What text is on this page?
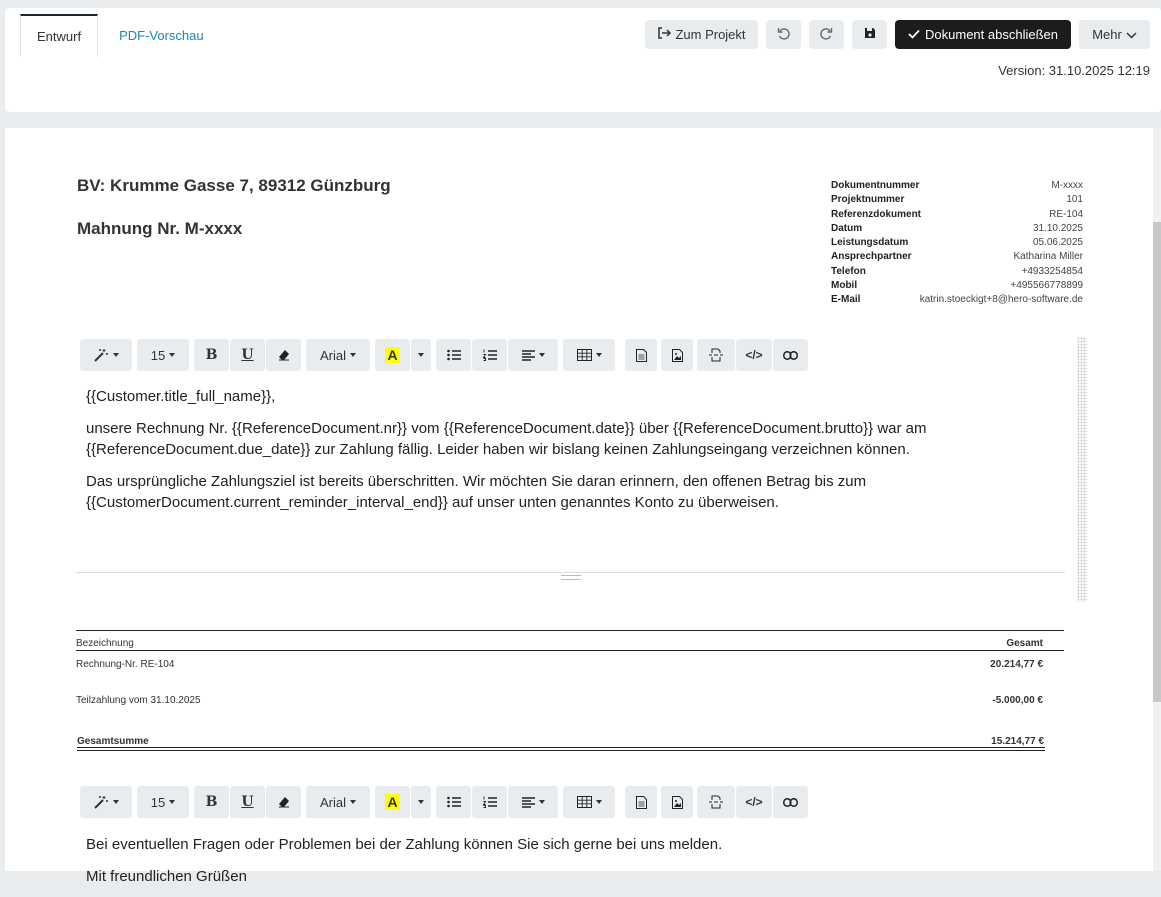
Entwurf	PDF-Vorschau	Zum Projekt	Dokument abschließen	Mehr
Version: 31.10.2025 12:19
BV: Krumme Gasse 7, 89312 Günzburg
Mahnung Nr. M-xxxx
Dokumentnummer	M-xxxx
Projektnummer	101
Referenzdokument	RE-104
Datum	31.10.2025
Leistungsdatum	05.06.2025
Ansprechpartner	Katharina Miller
Telefon	+4933254854
Mobil	+495566778899
E-Mail	katrin.stoeckigt+8@hero-software.de
15	B U	Arial	A	</>

{{Customer.title_full_name}},

unsere Rechnung Nr. {{ReferenceDocument.nr}} vom {{ReferenceDocument.date}} über {{ReferenceDocument.brutto}} war am {{ReferenceDocument.due_date}} zur Zahlung fällig. Leider haben wir bislang keinen Zahlungseingang verzeichnen können.

Das ursprüngliche Zahlungsziel ist bereits überschritten. Wir möchten Sie daran erinnern, den offenen Betrag bis zum {{CustomerDocument.current_reminder_interval_end}} auf unser unten genanntes Konto zu überweisen.

Bezeichnung	Gesamt
Rechnung-Nr. RE-104	20.214,77 €
Teilzahlung vom 31.10.2025	-5.000,00 €
Gesamtsumme	15.214,77 €
15	B U	Arial	A	</>

Bei eventuellen Fragen oder Problemen bei der Zahlung können Sie sich gerne bei uns melden.

Mit freundlichen Grüßen
